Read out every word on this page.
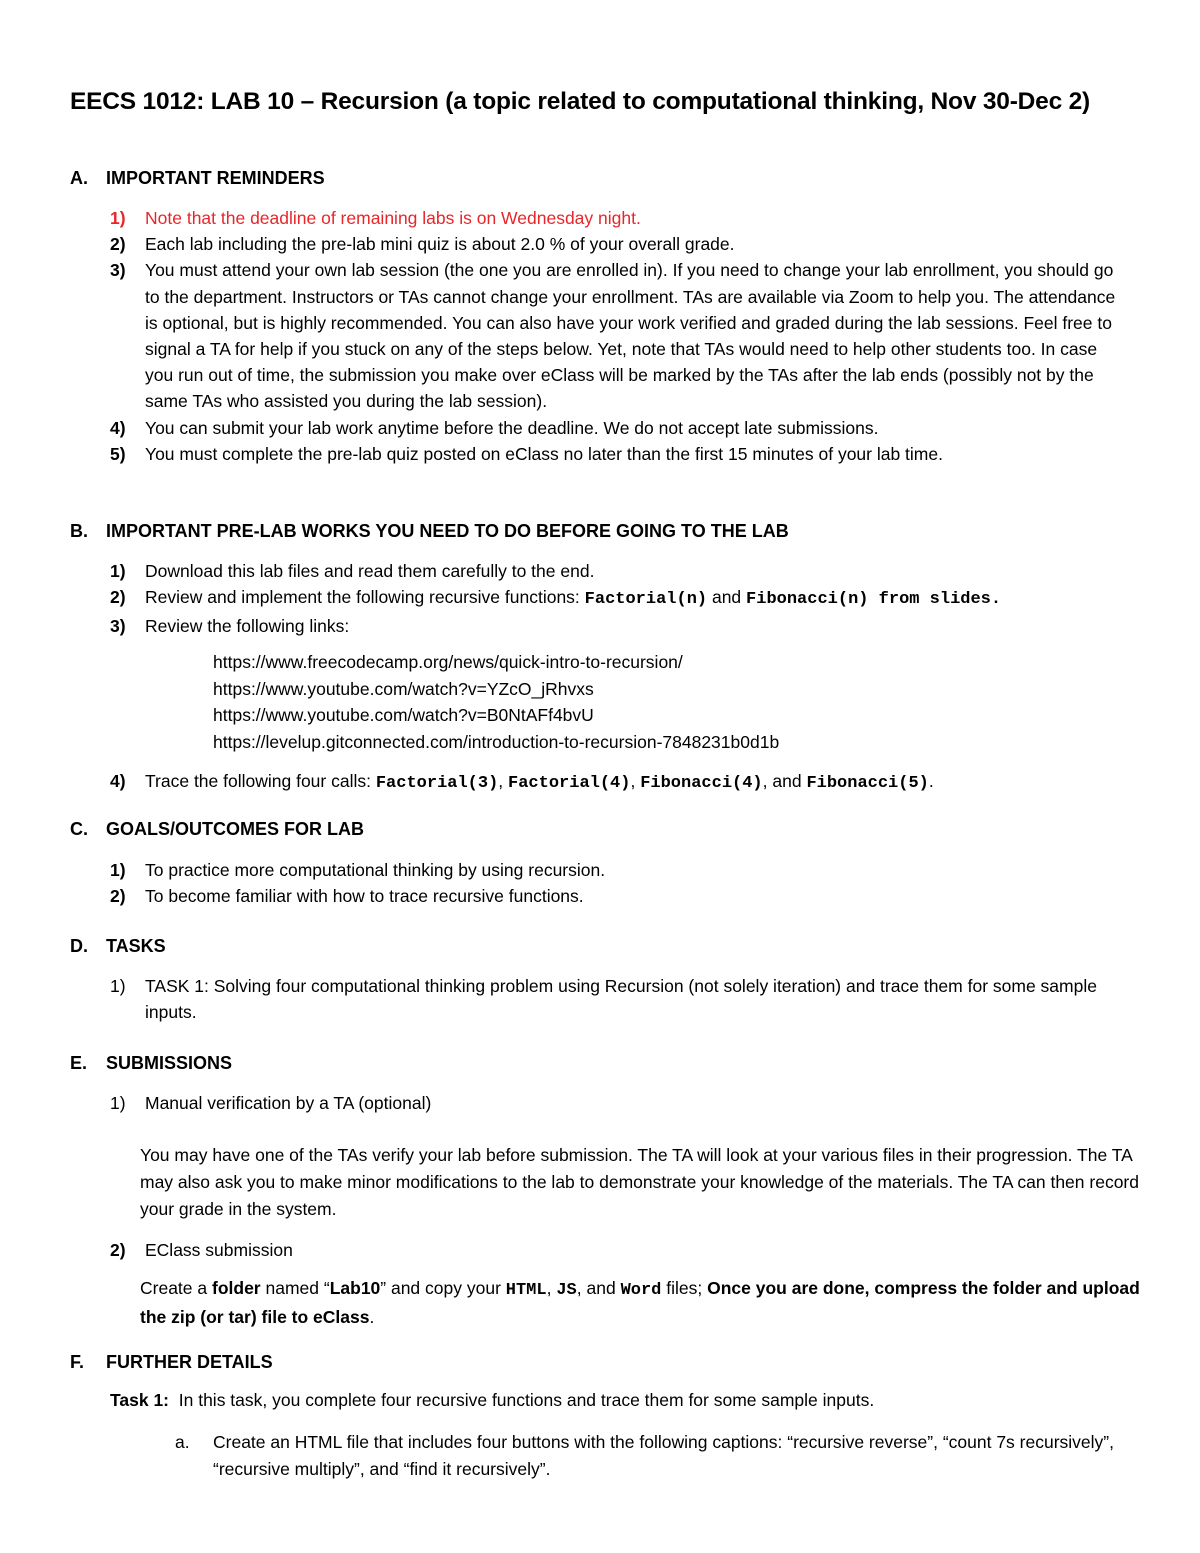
EECS 1012: LAB 10 – Recursion (a topic related to computational thinking, Nov 30-Dec 2)
A. IMPORTANT REMINDERS
1) Note that the deadline of remaining labs is on Wednesday night.
2) Each lab including the pre-lab mini quiz is about 2.0 % of your overall grade.
3) You must attend your own lab session (the one you are enrolled in). If you need to change your lab enrollment, you should go to the department. Instructors or TAs cannot change your enrollment. TAs are available via Zoom to help you. The attendance is optional, but is highly recommended. You can also have your work verified and graded during the lab sessions. Feel free to signal a TA for help if you stuck on any of the steps below. Yet, note that TAs would need to help other students too. In case you run out of time, the submission you make over eClass will be marked by the TAs after the lab ends (possibly not by the same TAs who assisted you during the lab session).
4) You can submit your lab work anytime before the deadline. We do not accept late submissions.
5) You must complete the pre-lab quiz posted on eClass no later than the first 15 minutes of your lab time.
B. IMPORTANT PRE-LAB WORKS YOU NEED TO DO BEFORE GOING TO THE LAB
1) Download this lab files and read them carefully to the end.
2) Review and implement the following recursive functions: Factorial(n) and Fibonacci(n) from slides.
3) Review the following links:
https://www.freecodecamp.org/news/quick-intro-to-recursion/
https://www.youtube.com/watch?v=YZcO_jRhvxs
https://www.youtube.com/watch?v=B0NtAFf4bvU
https://levelup.gitconnected.com/introduction-to-recursion-7848231b0d1b
4) Trace the following four calls: Factorial(3), Factorial(4), Fibonacci(4), and Fibonacci(5).
C. GOALS/OUTCOMES FOR LAB
1) To practice more computational thinking by using recursion.
2) To become familiar with how to trace recursive functions.
D. TASKS
1) TASK 1: Solving four computational thinking problem using Recursion (not solely iteration) and trace them for some sample inputs.
E. SUBMISSIONS
1) Manual verification by a TA (optional)
You may have one of the TAs verify your lab before submission. The TA will look at your various files in their progression. The TA may also ask you to make minor modifications to the lab to demonstrate your knowledge of the materials. The TA can then record your grade in the system.
2) EClass submission
Create a folder named “Lab10” and copy your HTML, JS, and Word files; Once you are done, compress the folder and upload the zip (or tar) file to eClass.
F. FURTHER DETAILS
Task 1: In this task, you complete four recursive functions and trace them for some sample inputs.
a.	Create an HTML file that includes four buttons with the following captions: “recursive reverse”, “count 7s recursively”, “recursive multiply”, and “find it recursively”.
